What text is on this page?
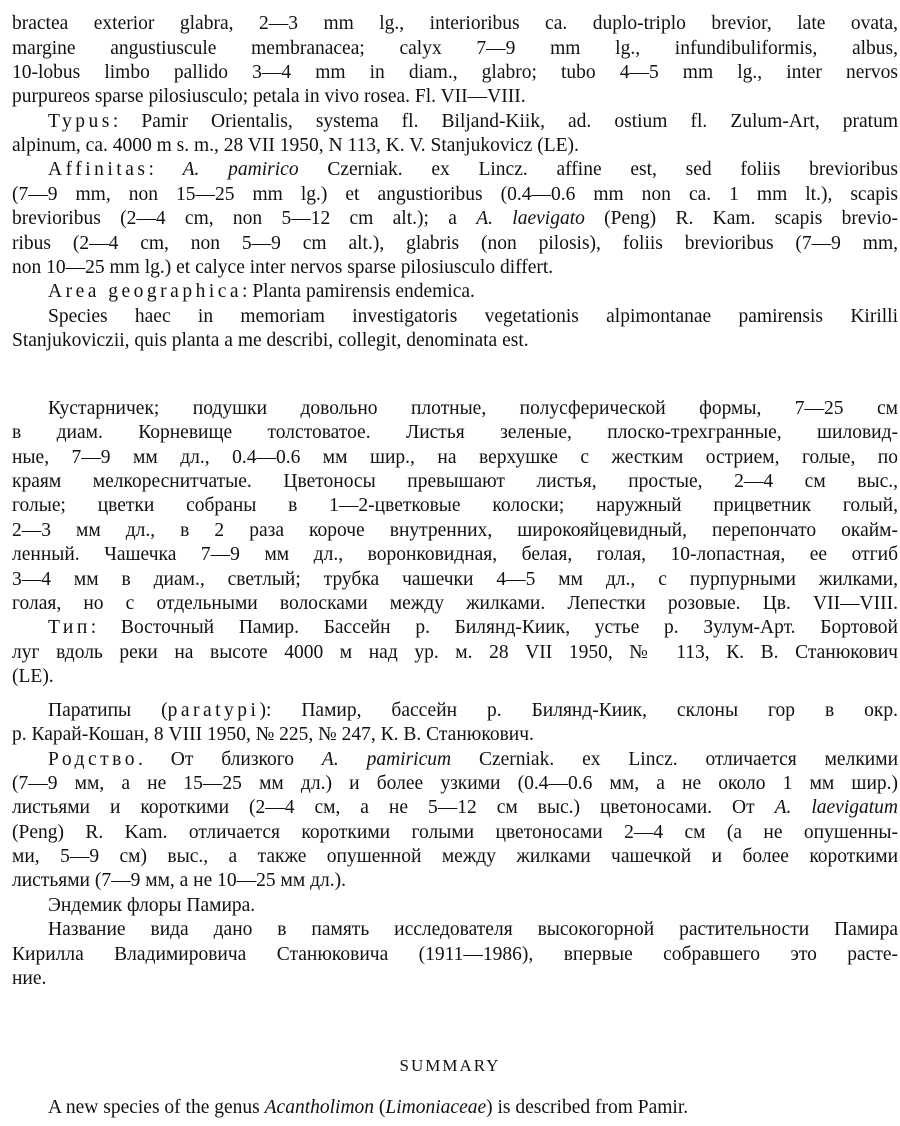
bractea exterior glabra, 2—3 mm lg., interioribus ca. duplo-triplo brevior, late ovata,
margine angustiuscule membranacea; calyx 7—9 mm lg., infundibuliformis, albus,
10-lobus limbo pallido 3—4 mm in diam., glabro; tubo 4—5 mm lg., inter nervos
purpureos sparse pilosiusculo; petala in vivo rosea. Fl. VII—VIII.
Typus: Pamir Orientalis, systema fl. Biljand-Kiik, ad. ostium fl. Zulum-Art, pratum
alpinum, ca. 4000 m s. m., 28 VII 1950, N 113, K. V. Stanjukovicz (LE).
Affinitas: A. pamirico Czerniak. ex Lincz. affine est, sed foliis brevioribus
(7—9 mm, non 15—25 mm lg.) et angustioribus (0.4—0.6 mm non ca. 1 mm lt.), scapis
brevioribus (2—4 cm, non 5—12 cm alt.); a A. laevigato (Peng) R. Kam. scapis brevio-
ribus (2—4 cm, non 5—9 cm alt.), glabris (non pilosis), foliis brevioribus (7—9 mm,
non 10—25 mm lg.) et calyce inter nervos sparse pilosiusculo differt.
Area geographica: Planta pamirensis endemica.
Species haec in memoriam investigatoris vegetationis alpimontanae pamirensis Kirilli
Stanjukoviczii, quis planta a me describi, collegit, denominata est.
Кустарничек; подушки довольно плотные, полусферической формы, 7—25 см
в диам. Корневище толстоватое. Листья зеленые, плоско-трехгранные, шиловид-
ные, 7—9 мм дл., 0.4—0.6 мм шир., на верхушке с жестким острием, голые, по
краям мелкореснитчатые. Цветоносы превышают листья, простые, 2—4 см выс.,
голые; цветки собраны в 1—2-цветковые колоски; наружный прицветник голый,
2—3 мм дл., в 2 раза короче внутренних, широкояйцевидный, перепончато окайм-
ленный. Чашечка 7—9 мм дл., воронковидная, белая, голая, 10-лопастная, ее отгиб
3—4 мм в диам., светлый; трубка чашечки 4—5 мм дл., с пурпурными жилками,
голая, но с отдельными волосками между жилками. Лепестки розовые. Цв. VII—VIII.
Тип: Восточный Памир. Бассейн р. Билянд-Киик, устье р. Зулум-Арт. Бортовой
луг вдоль реки на высоте 4000 м над ур. м. 28 VII 1950, № 113, К. В. Станюкович
(LE).
Паратипы (paratypi): Памир, бассейн р. Билянд-Киик, склоны гор в окр.
р. Карай-Кошан, 8 VIII 1950, № 225, № 247, К. В. Станюкович.
Родство. От близкого A. pamiricum Czerniak. ex Lincz. отличается мелкими
(7—9 мм, а не 15—25 мм дл.) и более узкими (0.4—0.6 мм, а не около 1 мм шир.)
листьями и короткими (2—4 см, а не 5—12 см выс.) цветоносами. От A. laevigatum
(Peng) R. Kam. отличается короткими голыми цветоносами 2—4 см (а не опушенны-
ми, 5—9 см) выс., а также опушенной между жилками чашечкой и более короткими
листьями (7—9 мм, а не 10—25 мм дл.).
Эндемик флоры Памира.
Название вида дано в память исследователя высокогорной растительности Памира
Кирилла Владимировича Станюковича (1911—1986), впервые собравшего это расте-
ние.
SUMMARY
A new species of the genus Acantholimon (Limoniaceae) is described from Pamir.
